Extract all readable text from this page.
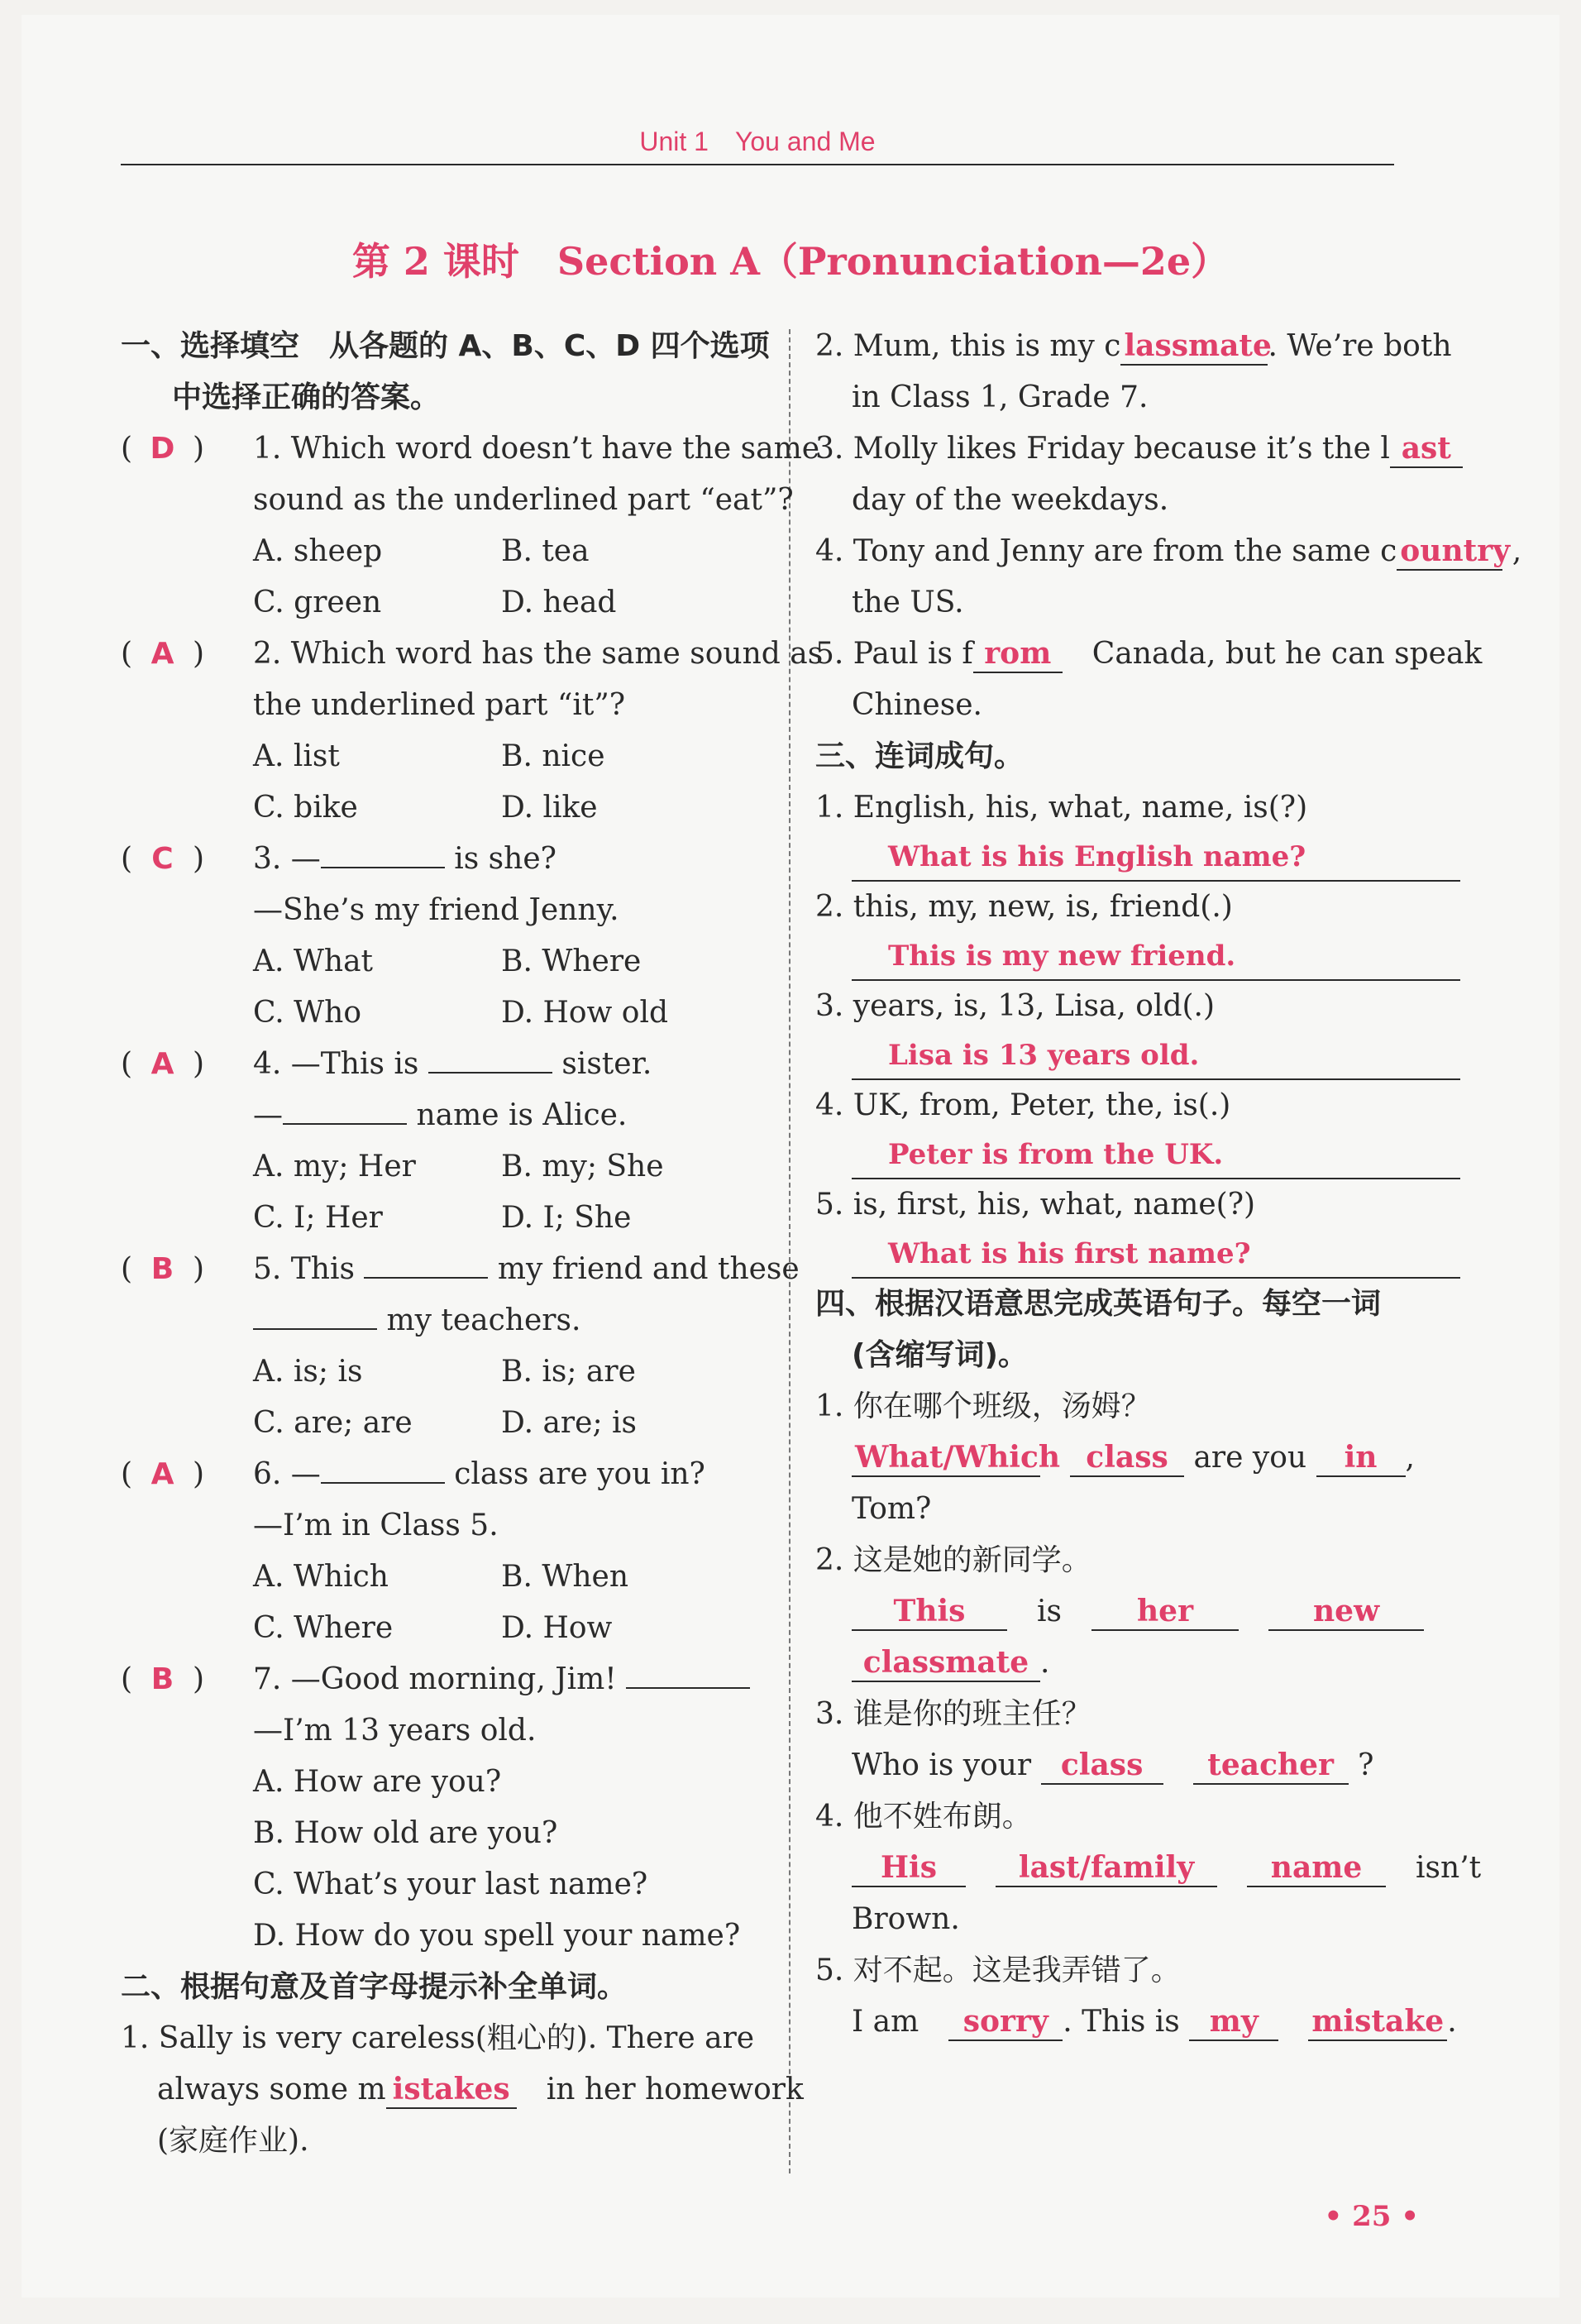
Unit 1　You and Me
第 2 课时　Section A（Pronunciation—2e）
一、选择填空　从各题的 A、B、C、D 四个选项
中选择正确的答案。
( D )	1. Which word doesn’t have the same
sound as the underlined part “eat”?
A. sheep	B. tea
C. green	D. head
( A )	2. Which word has the same sound as
the underlined part “it”?
A. list	B. nice
C. bike	D. like
( C )	3. —	is she?
—She’s my friend Jenny.
A. What	B. Where
C. Who	D. How old
( A )	4. —This is	sister.
—	name is Alice.
A. my; Her	B. my; She
C. I; Her	D. I; She
( B )	5. This	my friend and these
my teachers.
A. is; is	B. is; are
C. are; are	D. are; is
( A )	6. —	class are you in?
—I’m in Class 5.
A. Which	B. When
C. Where	D. How
( B )	7. —Good morning, Jim!
—I’m 13 years old.
A. How are you?
B. How old are you?
C. What’s your last name?
D. How do you spell your name?
二、根据句意及首字母提示补全单词。
1. Sally is very careless(粗心的). There are
always some m istakes　 in her homework
(家庭作业).
2. Mum, this is my c lassmate. We’re both
in Class 1, Grade 7.
3. Molly likes Friday because it’s the l ast
day of the weekdays.
4. Tony and Jenny are from the same c ountry ,
the US.
5. Paul is f rom　 Canada, but he can speak
Chinese.
三、连词成句。
1. English, his, what, name, is(?)
What is his English name?
2. this, my, new, is, friend(.)
This is my new friend.
3. years, is, 13, Lisa, old(.)
Lisa is 13 years old.
4. UK, from, Peter, the, is(.)
Peter is from the UK.
5. is, first, his, what, name(?)
What is his first name?
四、根据汉语意思完成英语句子。每空一词
(含缩写词)。
1. 你在哪个班级，汤姆？
What/Which　 class are you in ,
Tom?
2. 这是她的新同学。
This　 is　	her　	new
classmate .
3. 谁是你的班主任？
Who is your class　 teacher ?
4. 他不姓布朗。
His　	last/family　	name　 isn’t
Brown.
5. 对不起。这是我弄错了。
I am　 sorry . This is my　 mistake .
• 25 •
